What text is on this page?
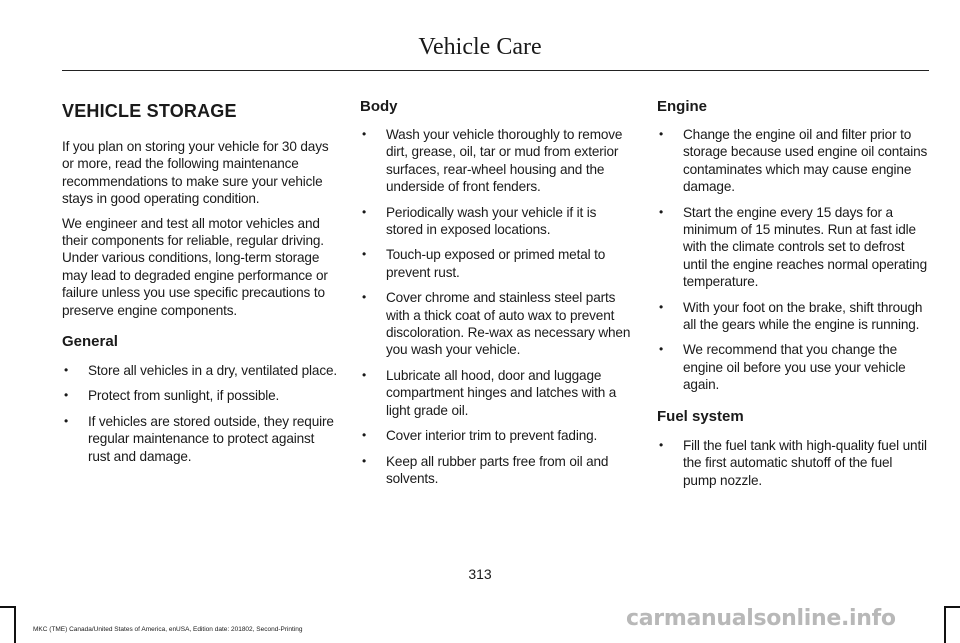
Vehicle Care
VEHICLE STORAGE

If you plan on storing your vehicle for 30 days or more, read the following maintenance recommendations to make sure your vehicle stays in good operating condition.

We engineer and test all motor vehicles and their components for reliable, regular driving. Under various conditions, long-term storage may lead to degraded engine performance or failure unless you use specific precautions to preserve engine components.

General
• Store all vehicles in a dry, ventilated place.
• Protect from sunlight, if possible.
• If vehicles are stored outside, they require regular maintenance to protect against rust and damage.
Body
• Wash your vehicle thoroughly to remove dirt, grease, oil, tar or mud from exterior surfaces, rear-wheel housing and the underside of front fenders.
• Periodically wash your vehicle if it is stored in exposed locations.
• Touch-up exposed or primed metal to prevent rust.
• Cover chrome and stainless steel parts with a thick coat of auto wax to prevent discoloration. Re-wax as necessary when you wash your vehicle.
• Lubricate all hood, door and luggage compartment hinges and latches with a light grade oil.
• Cover interior trim to prevent fading.
• Keep all rubber parts free from oil and solvents.
Engine
• Change the engine oil and filter prior to storage because used engine oil contains contaminates which may cause engine damage.
• Start the engine every 15 days for a minimum of 15 minutes. Run at fast idle with the climate controls set to defrost until the engine reaches normal operating temperature.
• With your foot on the brake, shift through all the gears while the engine is running.
• We recommend that you change the engine oil before you use your vehicle again.
Fuel system
• Fill the fuel tank with high-quality fuel until the first automatic shutoff of the fuel pump nozzle.
313
MKC (TME) Canada/United States of America, enUSA, Edition date: 201802, Second-Printing	carmanualsonline.info
